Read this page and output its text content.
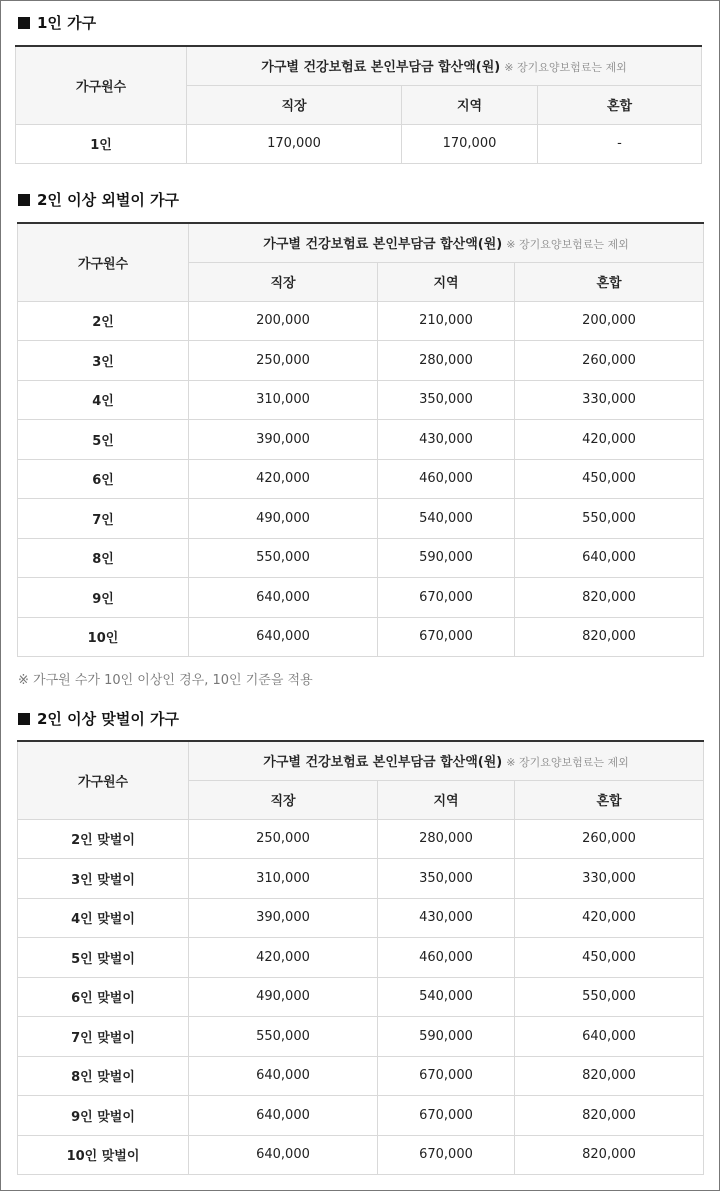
1인 가구
가구원수	가구별 건강보험료 본인부담금 합산액(원) ※ 장기요양보험료는 제외		
	직장	지역	혼합
1인	170,000	170,000	-
2인 이상 외벌이 가구
가구원수	가구별 건강보험료 본인부담금 합산액(원) ※ 장기요양보험료는 제외		
	직장	지역	혼합
2인	200,000	210,000	200,000
3인	250,000	280,000	260,000
4인	310,000	350,000	330,000
5인	390,000	430,000	420,000
6인	420,000	460,000	450,000
7인	490,000	540,000	550,000
8인	550,000	590,000	640,000
9인	640,000	670,000	820,000
10인	640,000	670,000	820,000
※ 가구원 수가 10인 이상인 경우, 10인 기준을 적용
2인 이상 맞벌이 가구
가구원수	가구별 건강보험료 본인부담금 합산액(원) ※ 장기요양보험료는 제외		
	직장	지역	혼합
2인 맞벌이	250,000	280,000	260,000
3인 맞벌이	310,000	350,000	330,000
4인 맞벌이	390,000	430,000	420,000
5인 맞벌이	420,000	460,000	450,000
6인 맞벌이	490,000	540,000	550,000
7인 맞벌이	550,000	590,000	640,000
8인 맞벌이	640,000	670,000	820,000
9인 맞벌이	640,000	670,000	820,000
10인 맞벌이	640,000	670,000	820,000
